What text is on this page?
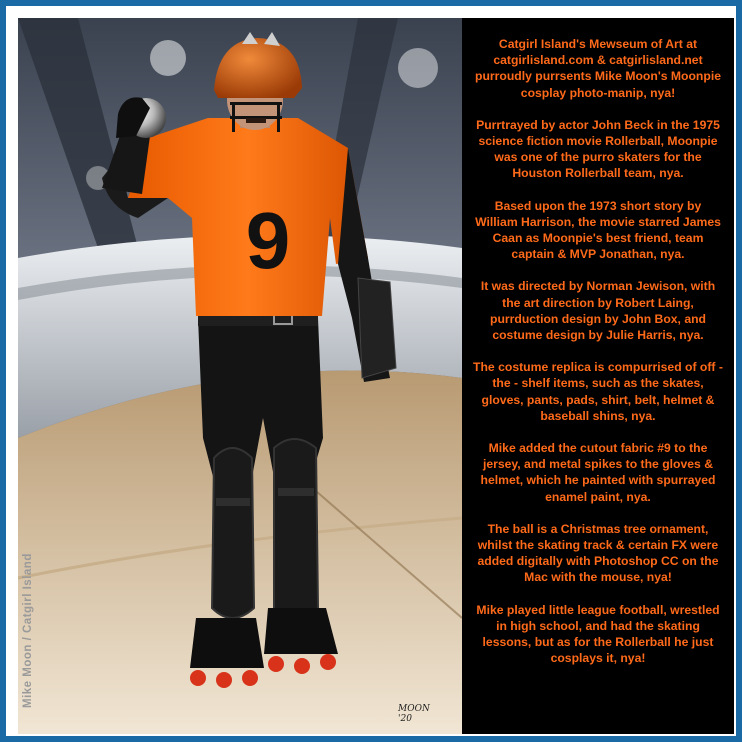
9
Mike Moon / Catgirl Island
MOON
'20

Catgirl Island's Mewseum of Art at catgirlisland.com & catgirlisland.net purroudly purrsents Mike Moon's Moonpie cosplay photo-manip, nya!

Purrtrayed by actor John Beck in the 1975 science fiction movie Rollerball, Moonpie was one of the purro skaters for the Houston Rollerball team, nya.

Based upon the 1973 short story by William Harrison, the movie starred James Caan as Moonpie's best friend, team captain & MVP Jonathan, nya.

It was directed by Norman Jewison, with the art direction by Robert Laing, purrduction design by John Box, and costume design by Julie Harris, nya.

The costume replica is compurrised of off - the - shelf items, such as the skates, gloves, pants, pads, shirt, belt, helmet & baseball shins, nya.

Mike added the cutout fabric #9 to the jersey, and metal spikes to the gloves & helmet, which he painted with spurrayed enamel paint, nya.

The ball is a Christmas tree ornament, whilst the skating track & certain FX were added digitally with Photoshop CC on the Mac with the mouse, nya!

Mike played little league football, wrestled in high school, and had the skating lessons, but as for the Rollerball he just cosplays it, nya!
